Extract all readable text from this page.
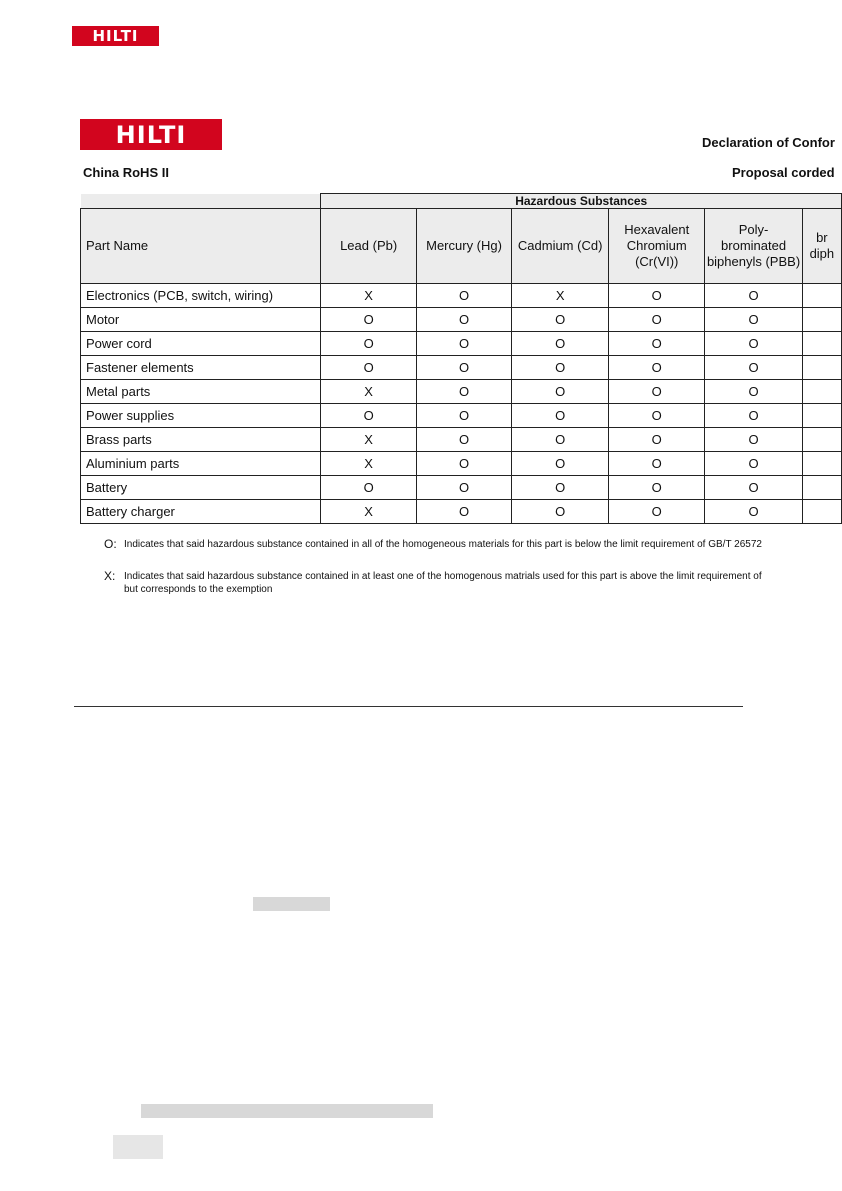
HILTI
HILTI	Declaration of Confor
China RoHS II	Proposal corded
	Hazardous Substances					
Part Name	Lead (Pb)	Mercury (Hg)	Cadmium (Cd)	Hexavalent Chromium (Cr(VI))	Poly- brominated biphenyls (PBB)	br diph
Electronics (PCB, switch, wiring)	X	O	X	O	O	
Motor	O	O	O	O	O	
Power cord	O	O	O	O	O	
Fastener elements	O	O	O	O	O	
Metal parts	X	O	O	O	O	
Power supplies	O	O	O	O	O	
Brass parts	X	O	O	O	O	
Aluminium parts	X	O	O	O	O	
Battery	O	O	O	O	O	
Battery charger	X	O	O	O	O	
O: Indicates that said hazardous substance contained in all of the homogeneous materials for this part is below the limit requirement of GB/T 26572
X: Indicates that said hazardous substance contained in at least one of the homogenous matrials used for this part is above the limit requirement of
but corresponds to the exemption
